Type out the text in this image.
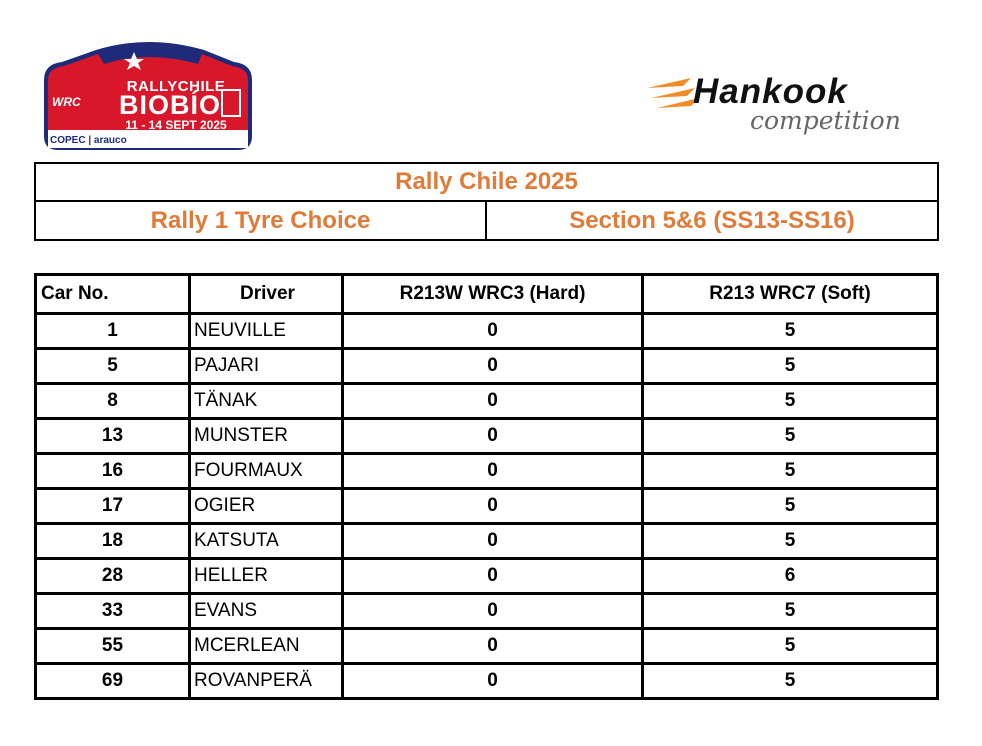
WRC
RALLYCHILE
BIOBÍO
11 - 14 SEPT 2025
COPEC | arauco
Hankook
competition
Rally Chile 2025
Rally 1 Tyre Choice	Section 5&6 (SS13-SS16)
Car No.	Driver	R213W WRC3 (Hard)	R213 WRC7 (Soft)
1	NEUVILLE	0	5
5	PAJARI	0	5
8	TÄNAK	0	5
13	MUNSTER	0	5
16	FOURMAUX	0	5
17	OGIER	0	5
18	KATSUTA	0	5
28	HELLER	0	6
33	EVANS	0	5
55	MCERLEAN	0	5
69	ROVANPERÄ	0	5
